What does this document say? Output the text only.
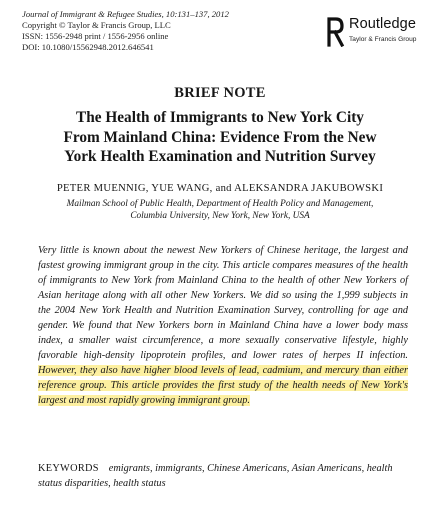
Journal of Immigrant & Refugee Studies, 10:131–137, 2012
Copyright © Taylor & Francis Group, LLC
ISSN: 1556-2948 print / 1556-2956 online
DOI: 10.1080/15562948.2012.646541
Routledge
Taylor & Francis Group
BRIEF NOTE
The Health of Immigrants to New York City
From Mainland China: Evidence From the New
York Health Examination and Nutrition Survey
PETER MUENNIG, YUE WANG, and ALEKSANDRA JAKUBOWSKI
Mailman School of Public Health, Department of Health Policy and Management,
Columbia University, New York, New York, USA

Very little is known about the newest New Yorkers of Chinese heritage, the largest and fastest growing immigrant group in the city. This article compares measures of the health of immigrants to New York from Mainland China to the health of other New Yorkers of Asian heritage along with all other New Yorkers. We did so using the 1,999 subjects in the 2004 New York Health and Nutrition Examination Survey, controlling for age and gender. We found that New Yorkers born in Mainland China have a lower body mass index, a smaller waist circumference, a more sexually conservative lifestyle, highly favorable high-density lipoprotein profiles, and lower rates of herpes II infection. However, they also have higher blood levels of lead, cadmium, and mercury than either reference group. This article provides the first study of the health needs of New York's largest and most rapidly growing immigrant group.

KEYWORDS emigrants, immigrants, Chinese Americans, Asian Americans, health status disparities, health status
